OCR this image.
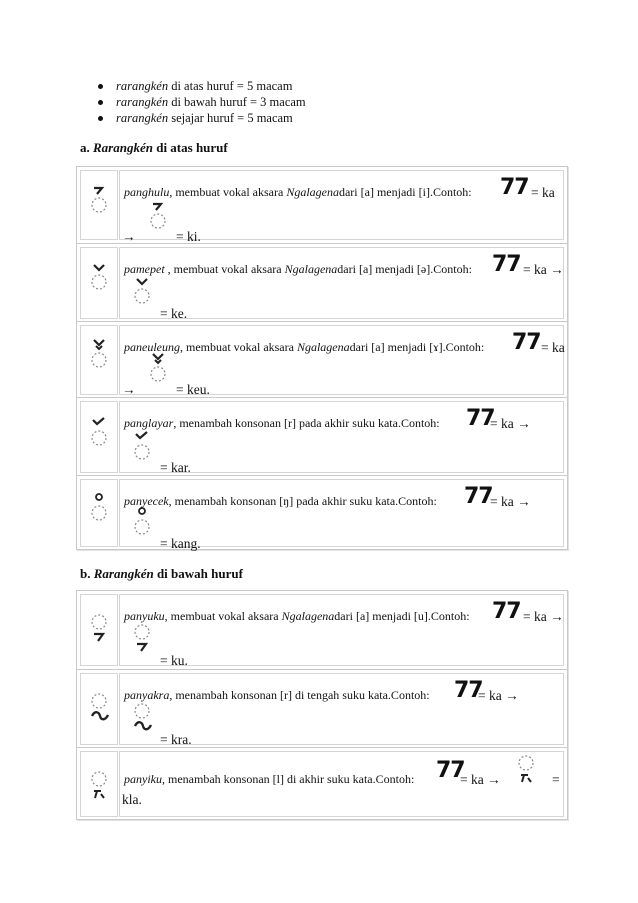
rarangkén di atas huruf = 5 macam
rarangkén di bawah huruf = 3 macam
rarangkén sejajar huruf = 5 macam
a. Rarangkén di atas huruf
panghulu, membuat vokal aksara Ngalagenadari [a] menjadi [i].Contoh: 77 = ka
→	= ki.
pamepet , membuat vokal aksara Ngalagenadari [a] menjadi [ə].Contoh: 77 = ka →
= ke.
paneuleung, membuat vokal aksara Ngalagenadari [a] menjadi [ɤ].Contoh: 77 = ka
→	= keu.
panglayar, menambah konsonan [r] pada akhir suku kata.Contoh: 77
= ka →
= kar.
panyecek, menambah konsonan [ŋ] pada akhir suku kata.Contoh: 77
= ka →
= kang.
b. Rarangkén di bawah huruf
panyuku, membuat vokal aksara Ngalagenadari [a] menjadi [u].Contoh: 77 = ka →
= ku.
panyakra, menambah konsonan [r] di tengah suku kata.Contoh: 77
= ka →
= kra.
panyiku, menambah konsonan [l] di akhir suku kata.Contoh: 77
= ka →	=
kla.
